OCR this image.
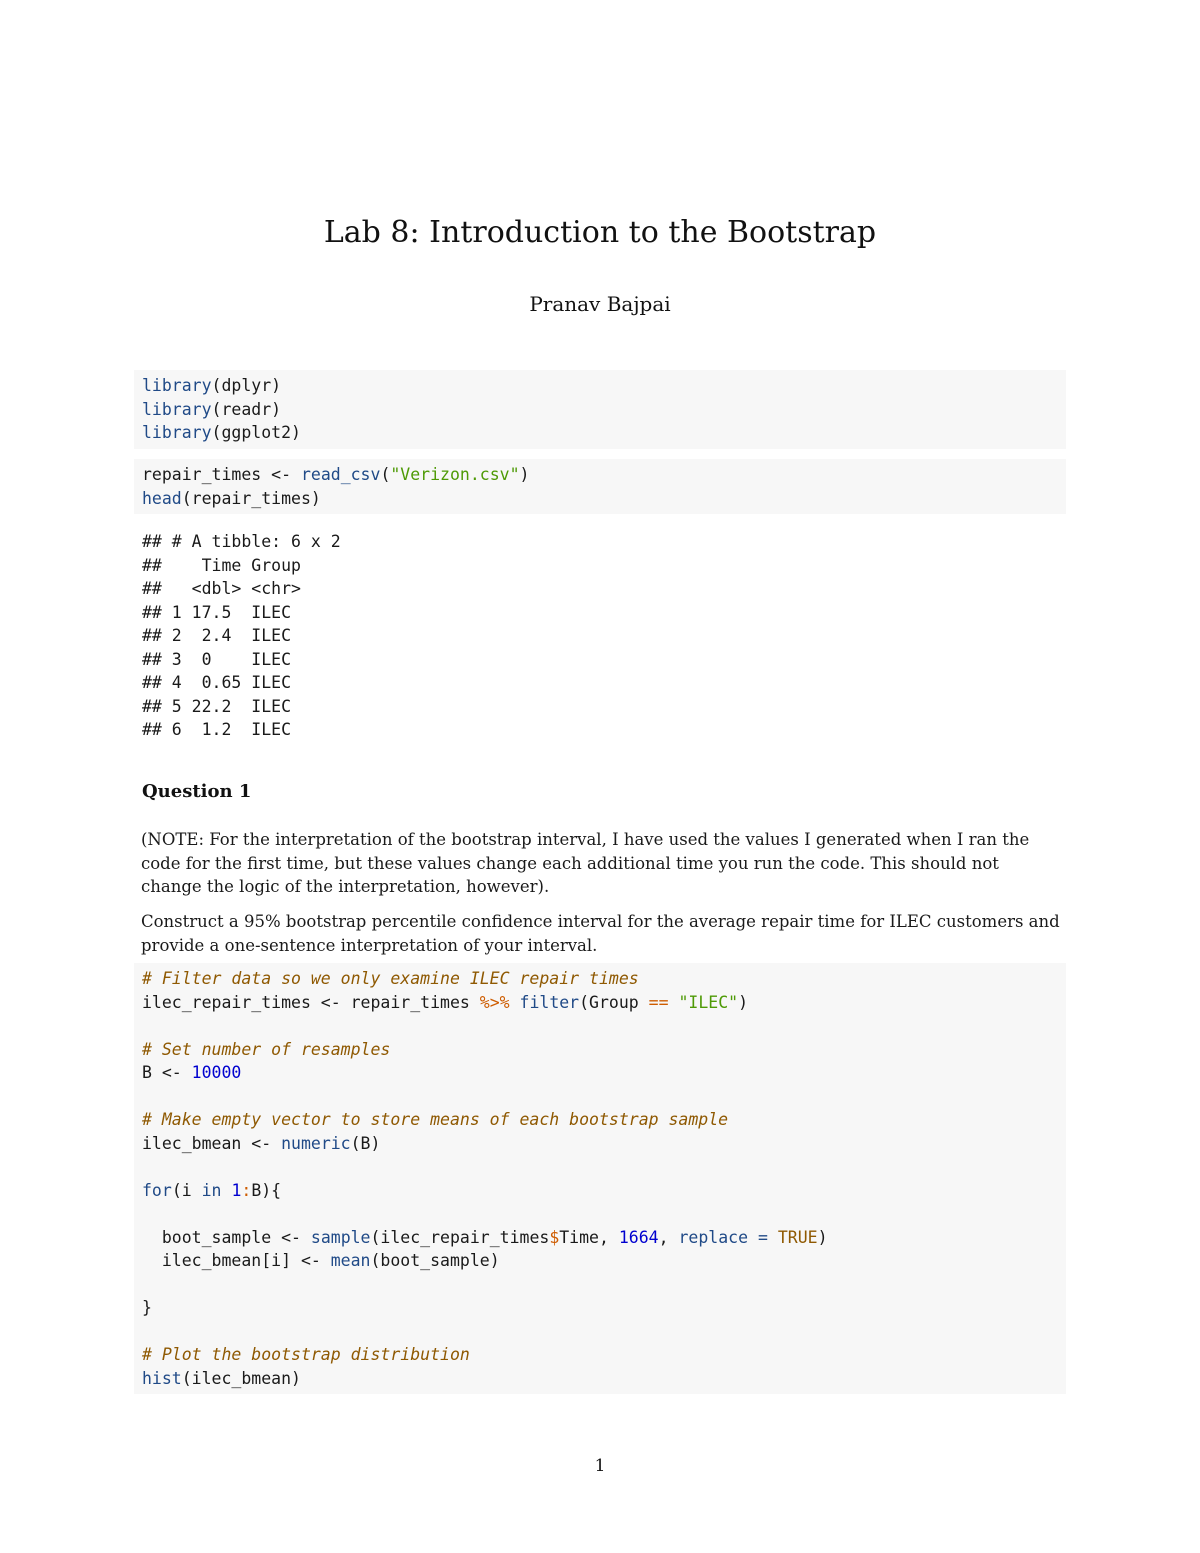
Lab 8: Introduction to the Bootstrap
Pranav Bajpai
library(dplyr)
library(readr)
library(ggplot2)
repair_times <- read_csv("Verizon.csv")
head(repair_times)
## # A tibble: 6 x 2
##    Time Group
##   <dbl> <chr>
## 1 17.5  ILEC
## 2  2.4  ILEC
## 3  0    ILEC
## 4  0.65 ILEC
## 5 22.2  ILEC
## 6  1.2  ILEC
Question 1
(NOTE: For the interpretation of the bootstrap interval, I have used the values I generated when I ran the code for the first time, but these values change each additional time you run the code. This should not change the logic of the interpretation, however).
Construct a 95% bootstrap percentile confidence interval for the average repair time for ILEC customers and provide a one-sentence interpretation of your interval.
# Filter data so we only examine ILEC repair times
ilec_repair_times <- repair_times %>% filter(Group == "ILEC")

# Set number of resamples
B <- 10000

# Make empty vector to store means of each bootstrap sample
ilec_bmean <- numeric(B)

for(i in 1:B){

boot_sample <- sample(ilec_repair_times$Time, 1664, replace = TRUE)
ilec_bmean[i] <- mean(boot_sample)

}

# Plot the bootstrap distribution
hist(ilec_bmean)
1
